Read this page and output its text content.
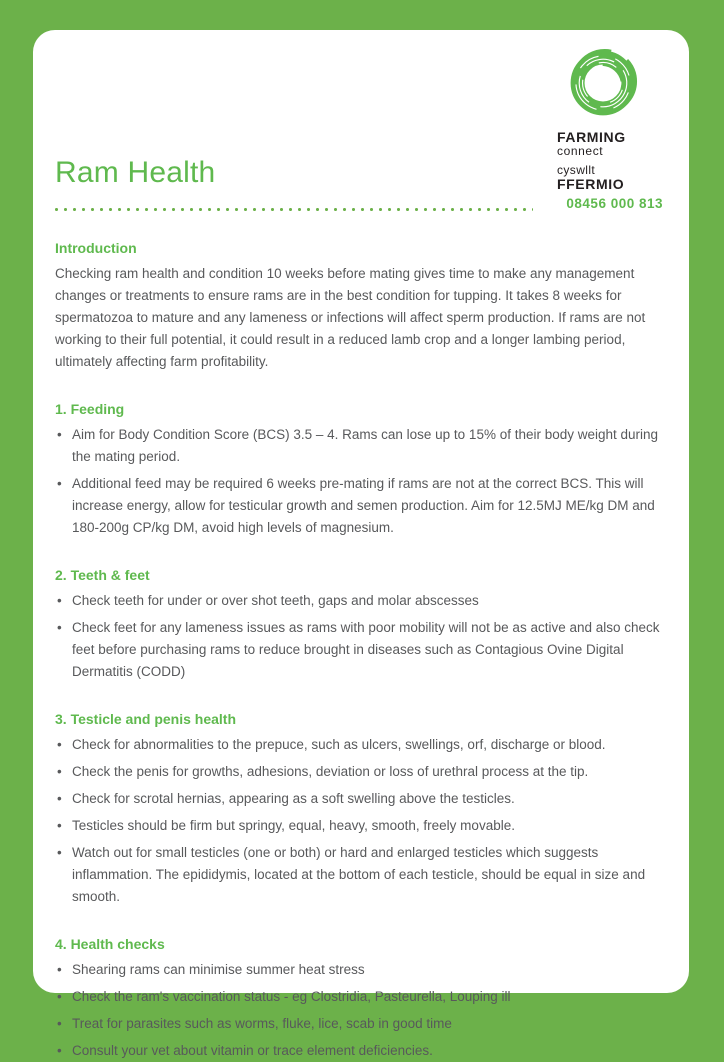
FARMING
connect
cyswllt
FFERMIO
Ram Health
08456 000 813
Introduction

Checking ram health and condition 10 weeks before mating gives time to make any management changes or treatments to ensure rams are in the best condition for tupping. It takes 8 weeks for spermatozoa to mature and any lameness or infections will affect sperm production. If rams are not working to their full potential, it could result in a reduced lamb crop and a longer lambing period, ultimately affecting farm profitability.

1. Feeding
• Aim for Body Condition Score (BCS) 3.5 – 4. Rams can lose up to 15% of their body weight during the mating period.
• Additional feed may be required 6 weeks pre-mating if rams are not at the correct BCS. This will increase energy, allow for testicular growth and semen production. Aim for 12.5MJ ME/kg DM and 180-200g CP/kg DM, avoid high levels of magnesium.
2. Teeth & feet
• Check teeth for under or over shot teeth, gaps and molar abscesses
• Check feet for any lameness issues as rams with poor mobility will not be as active and also check feet before purchasing rams to reduce brought in diseases such as Contagious Ovine Digital Dermatitis (CODD)
3. Testicle and penis health
• Check for abnormalities to the prepuce, such as ulcers, swellings, orf, discharge or blood.
• Check the penis for growths, adhesions, deviation or loss of urethral process at the tip.
• Check for scrotal hernias, appearing as a soft swelling above the testicles.
• Testicles should be firm but springy, equal, heavy, smooth, freely movable.
• Watch out for small testicles (one or both) or hard and enlarged testicles which suggests inflammation. The epididymis, located at the bottom of each testicle, should be equal in size and smooth.
4. Health checks
• Shearing rams can minimise summer heat stress
• Check the ram's vaccination status - eg Clostridia, Pasteurella, Louping ill
• Treat for parasites such as worms, fluke, lice, scab in good time
• Consult your vet about vitamin or trace element deficiencies.
